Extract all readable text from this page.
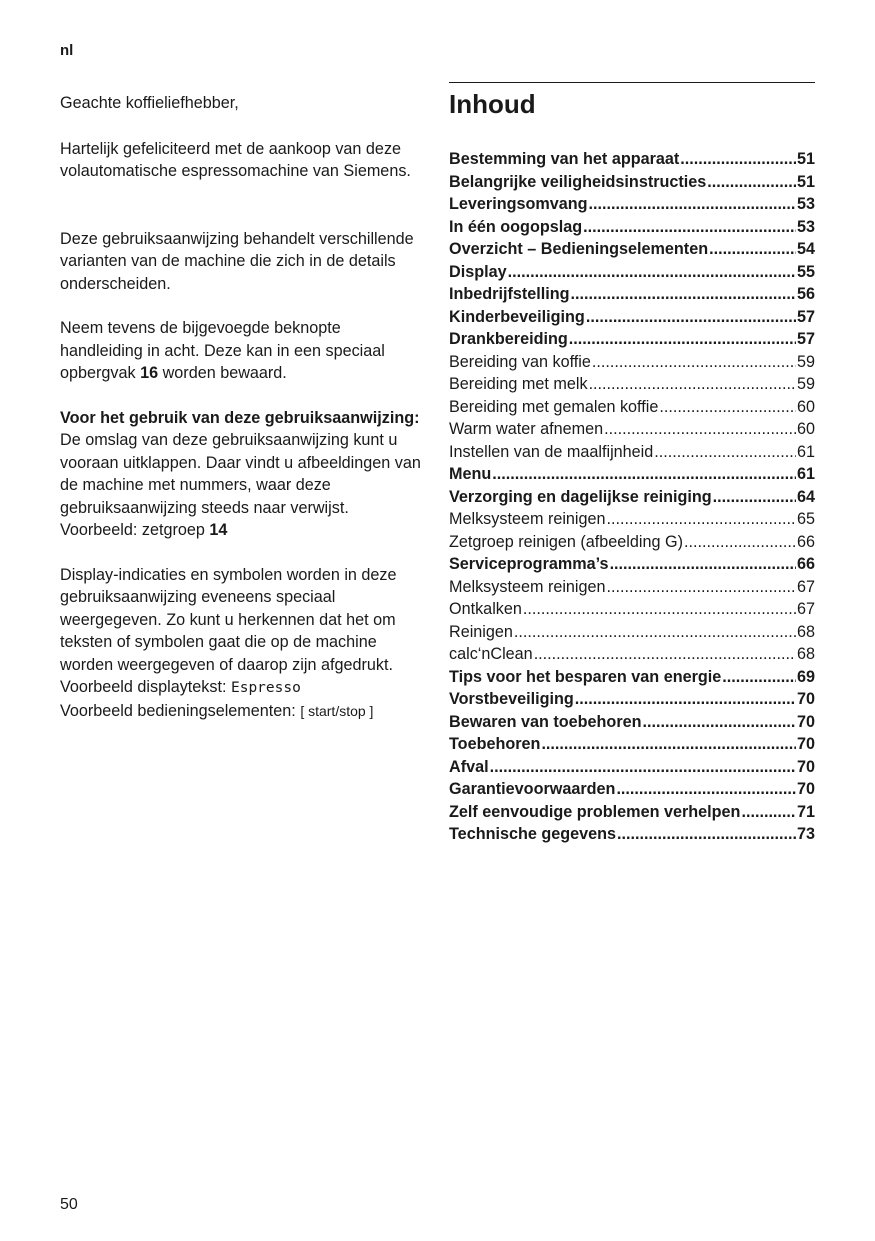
nl

Geachte koffieliefhebber,

Hartelijk gefeliciteerd met de aankoop van deze volautomatische espressomachine van Siemens.

Deze gebruiksaanwijzing behandelt verschillende varianten van de machine die zich in de details onderscheiden.

Neem tevens de bijgevoegde beknopte handleiding in acht. Deze kan in een speciaal opbergvak 16 worden bewaard.

Voor het gebruik van deze gebruiksaanwijzing:
De omslag van deze gebruiksaanwijzing kunt u vooraan uitklappen. Daar vindt u afbeeldingen van de machine met nummers, waar deze gebruiksaanwijzing steeds naar verwijst.
Voorbeeld: zetgroep 14

Display-indicaties en symbolen worden in deze gebruiksaanwijzing eveneens speciaal weergegeven. Zo kunt u herkennen dat het om teksten of symbolen gaat die op de machine worden weergegeven of daarop zijn afgedrukt.
Voorbeeld displaytekst: Espresso
Voorbeeld bedieningselementen: [ start/stop ]

Inhoud
Bestemming van het apparaat .....	51
Belangrijke veiligheidsinstructies .....	51
Leveringsomvang .....	53
In één oogopslag .....	53
Overzicht – Bedieningselementen .....	54
Display .....	55
Inbedrijfstelling .....	56
Kinderbeveiliging .....	57
Drankbereiding .....	57
Bereiding van koffie .....	59
Bereiding met melk .....	59
Bereiding met gemalen koffie .....	60
Warm water afnemen .....	60
Instellen van de maalfijnheid .....	61
Menu .....	61
Verzorging en dagelijkse reiniging .....	64
Melksysteem reinigen .....	65
Zetgroep reinigen (afbeelding G) .....	66
Serviceprogramma’s .....	66
Melksysteem reinigen .....	67
Ontkalken .....	67
Reinigen .....	68
calc‘nClean .....	68
Tips voor het besparen van energie .....	69
Vorstbeveiliging .....	70
Bewaren van toebehoren .....	70
Toebehoren .....	70
Afval .....	70
Garantievoorwaarden .....	70
Zelf eenvoudige problemen verhelpen .....	71
Technische gegevens .....	73
50
